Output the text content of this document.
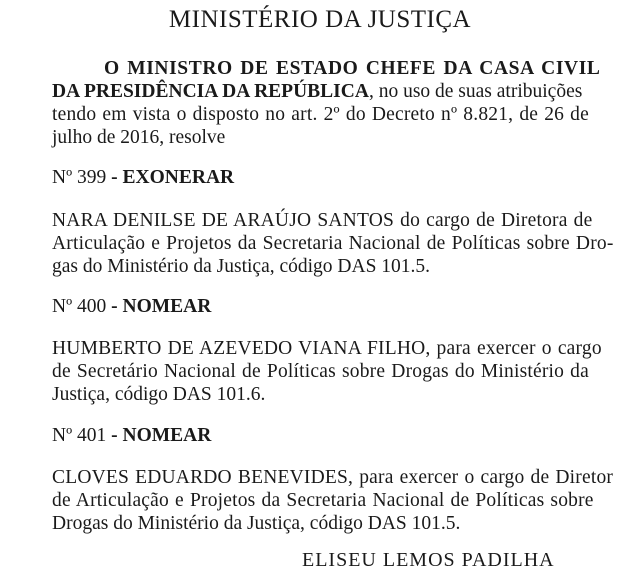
MINISTÉRIO DA JUSTIÇA
O MINISTRO DE ESTADO CHEFE DA CASA CIVIL
DA PRESIDÊNCIA DA REPÚBLICA, no uso de suas atribuições
tendo em vista o disposto no art. 2º do Decreto nº 8.821, de 26 de
julho de 2016, resolve
Nº 399 - EXONERAR
NARA DENILSE DE ARAÚJO SANTOS do cargo de Diretora de
Articulação e Projetos da Secretaria Nacional de Políticas sobre Dro-
gas do Ministério da Justiça, código DAS 101.5.
Nº 400 - NOMEAR
HUMBERTO DE AZEVEDO VIANA FILHO, para exercer o cargo
de Secretário Nacional de Políticas sobre Drogas do Ministério da
Justiça, código DAS 101.6.
Nº 401 - NOMEAR
CLOVES EDUARDO BENEVIDES, para exercer o cargo de Diretor
de Articulação e Projetos da Secretaria Nacional de Políticas sobre
Drogas do Ministério da Justiça, código DAS 101.5.
ELISEU LEMOS PADILHA
